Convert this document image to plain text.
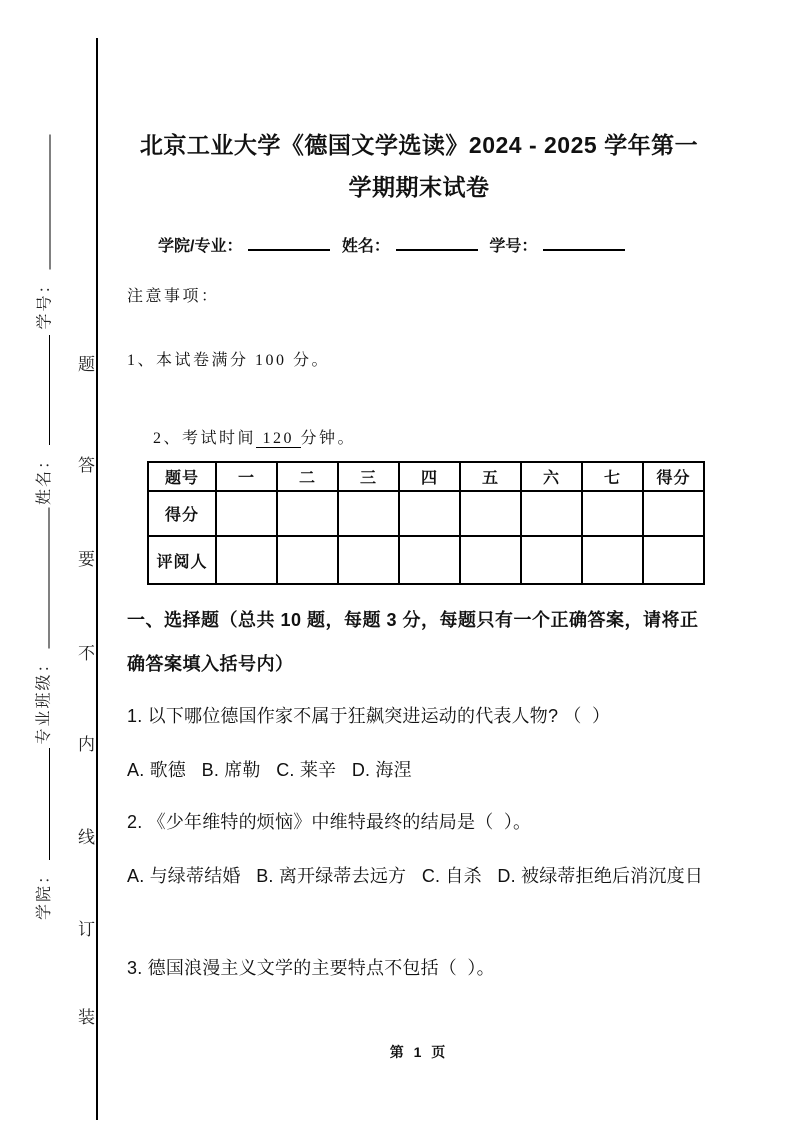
学号：
姓名：
专业班级：
学院：
题
答
要
不
内
线
订
装
北京工业大学《德国文学选读》2024 - 2025 学年第一
学期期末试卷
学院/专业：	姓名：	学号：
注意事项：
1、本试卷满分 100 分。

2、考试时间 120 分钟。

题号	一	二	三	四	五	六	七	得分
得分								
评阅人								
一、选择题（总共 10 题，每题 3 分，每题只有一个正确答案，请将正确答案填入括号内）
1. 以下哪位德国作家不属于狂飙突进运动的代表人物? （  ）
A. 歌德   B. 席勒   C. 莱辛   D. 海涅
2. 《少年维特的烦恼》中维特最终的结局是（  ）。
A. 与绿蒂结婚   B. 离开绿蒂去远方   C. 自杀   D. 被绿蒂拒绝后消沉度日
3. 德国浪漫主义文学的主要特点不包括（  ）。
第 1 页
